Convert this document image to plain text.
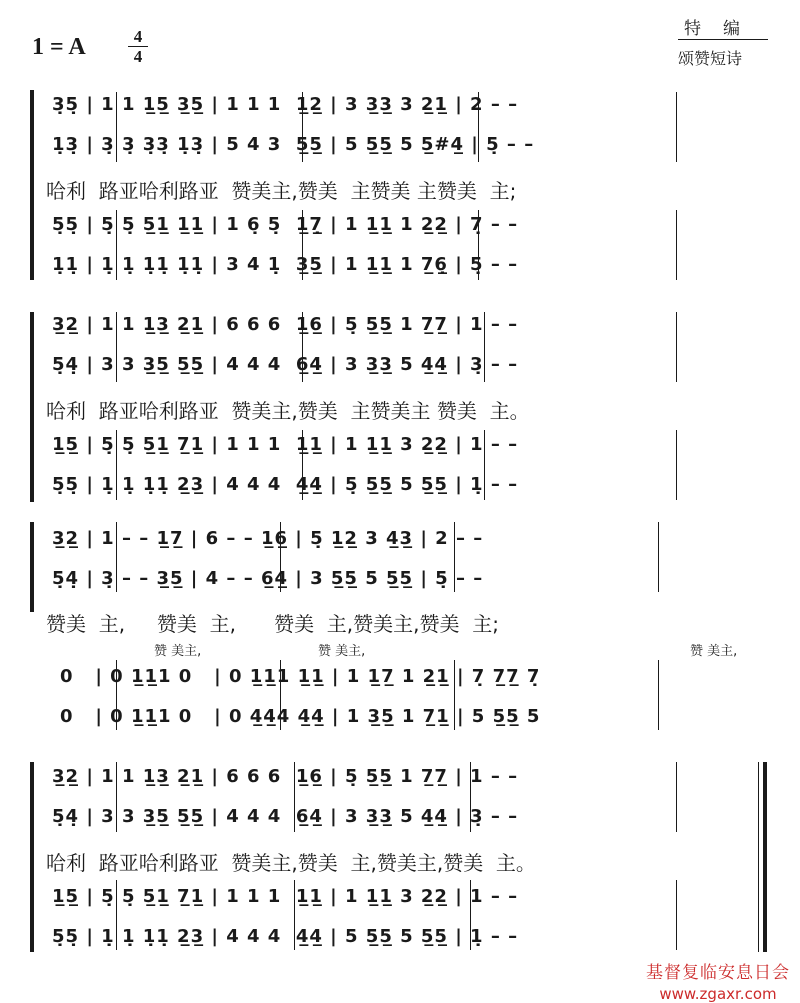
1 = A	4
4
特编
颂赞短诗
3̣5̣ | 1 1 1̲5̲ 3̲5̲ | 1 1 1  1̲2̲ | 3 3̲3̲ 3 2̲1̲ | 2 – –
1̣3̣ | 3̣ 3̣ 3̣3̣ 1̣3̣ | 5 4 3  5̲5̲ | 5 5̲5̲ 5 5̲#4̲ | 5̣ – –
哈利  路亚哈利路亚  赞美主,赞美  主赞美 主赞美  主;
5̣5̣ | 5̣ 5̣ 5̲1̲ 1̲1̲ | 1 6̣ 5̣  1̲7̣̲ | 1 1̲1̲ 1 2̲2̲ | 7̣ – –
1̣1̣ | 1̣ 1̣ 1̣1̣ 1̣1̣ | 3 4 1̣  3̲5̲ | 1 1̲1̲ 1 7̲6̣̲ | 5̣ – –
3̲2̲ | 1 1 1̲3̲ 2̲1̲ | 6 6 6  1̲6̲ | 5̣ 5̲5̲ 1 7̲7̲ | 1 – –
5̣4̣ | 3 3 3̲5̲ 5̲5̲ | 4 4 4  6̲4̲ | 3 3̲3̲ 5 4̲4̲ | 3̣ – –
哈利  路亚哈利路亚  赞美主,赞美  主赞美主 赞美  主。
1̲5̲ | 5̣ 5̣ 5̲1̲ 7̲1̲ | 1 1 1  1̲1̲ | 1 1̲1̲ 3 2̲2̲ | 1 – –
5̣5̣ | 1̣ 1̣ 1̣1̣ 2̲3̲ | 4 4 4  4̲4̲ | 5̣ 5̲5̲ 5 5̲5̲ | 1̣ – –
3̲2̲ | 1 – – 1̲7̲ | 6 – – 1̲6̲ | 5̣ 1̲2̲ 3 4̲3̲ | 2 – –
5̣4̣ | 3̣ – – 3̲5̲ | 4 – – 6̲4̲ | 3 5̲5̲ 5 5̲5̲ | 5̣ – –
赞美  主,     赞美  主,      赞美  主,赞美主,赞美  主;
赞 美主,	赞 美主,	赞 美主,
0   | 0 1̲1̲1 0   | 0 1̲1̲1 1̲1̲ | 1 1̲7̲ 1 2̲1̲ | 7̣ 7̲7̲ 7̣
0   | 0 1̲1̲1 0   | 0 4̲4̲4 4̲4̲ | 1 3̲5̲ 1 7̲1̲ | 5 5̲5̲ 5
3̲2̲ | 1 1 1̲3̲ 2̲1̲ | 6 6 6  1̲6̲ | 5̣ 5̲5̲ 1 7̲7̲ | 1 – –
5̣4̣ | 3 3 3̲5̲ 5̲5̲ | 4 4 4  6̲4̲ | 3 3̲3̲ 5 4̲4̲ | 3̣ – –
哈利  路亚哈利路亚  赞美主,赞美  主,赞美主,赞美  主。
1̲5̲ | 5̣ 5̣ 5̲1̲ 7̲1̲ | 1 1 1  1̲1̲ | 1 1̲1̲ 3 2̲2̲ | 1 – –
5̣5̣ | 1̣ 1̣ 1̣1̣ 2̲3̲ | 4 4 4  4̲4̲ | 5 5̲5̲ 5 5̲5̲ | 1̣ – –
基督复临安息日会
www.zgaxr.com
